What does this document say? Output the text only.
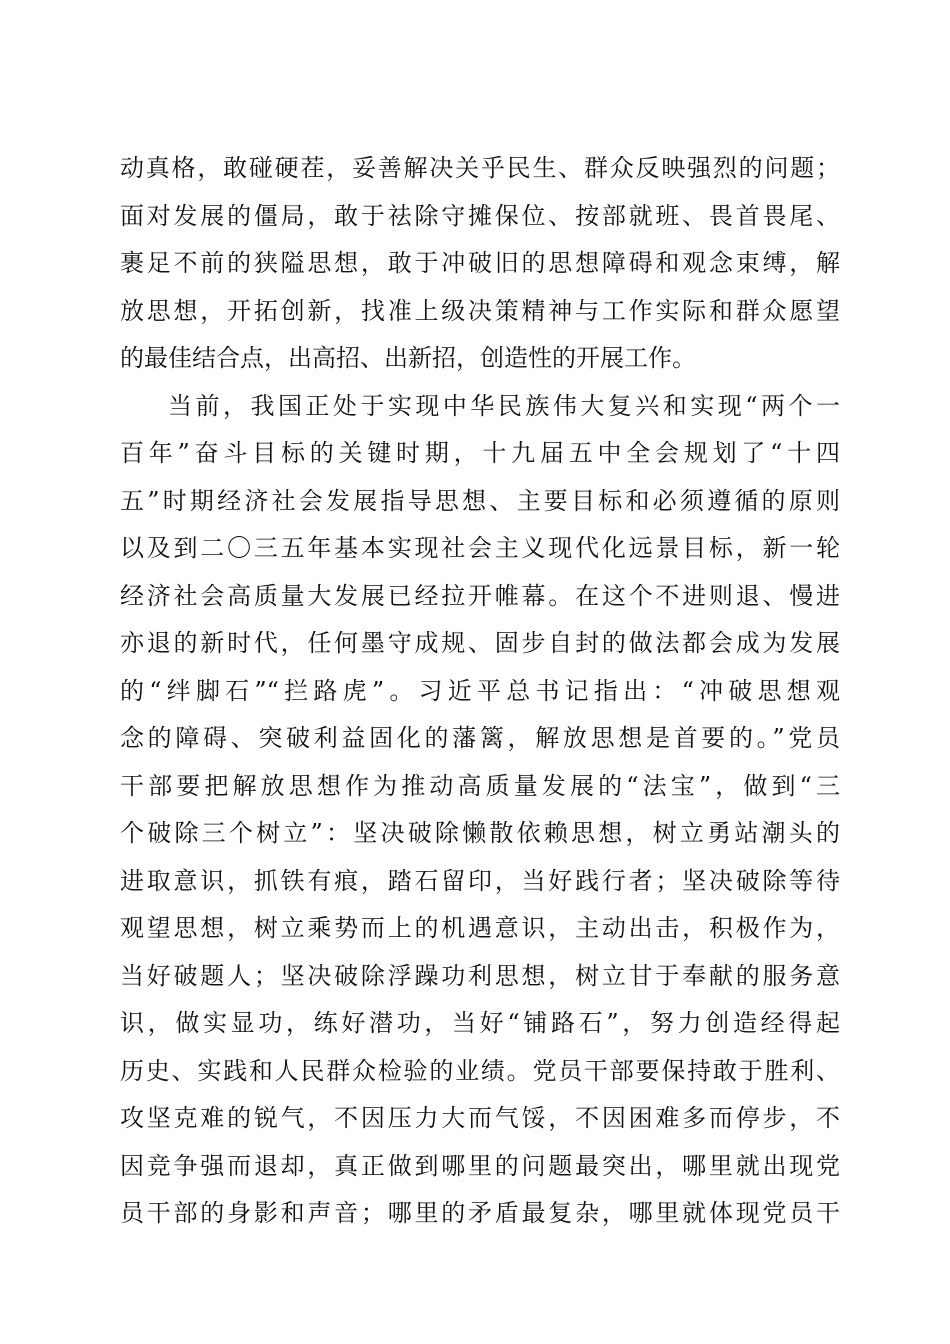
动真格，敢碰硬茬，妥善解决关乎民生、群众反映强烈的问题；
面对发展的僵局，敢于祛除守摊保位、按部就班、畏首畏尾、
裹足不前的狭隘思想，敢于冲破旧的思想障碍和观念束缚，解
放思想，开拓创新，找准上级决策精神与工作实际和群众愿望
的最佳结合点，出高招、出新招，创造性的开展工作。
当前，我国正处于实现中华民族伟大复兴和实现“两个一
百年”奋斗目标的关键时期，十九届五中全会规划了“十四
五”时期经济社会发展指导思想、主要目标和必须遵循的原则
以及到二〇三五年基本实现社会主义现代化远景目标，新一轮
经济社会高质量大发展已经拉开帷幕。在这个不进则退、慢进
亦退的新时代，任何墨守成规、固步自封的做法都会成为发展
的“绊脚石”“拦路虎”。习近平总书记指出：“冲破思想观
念的障碍、突破利益固化的藩篱，解放思想是首要的。”党员
干部要把解放思想作为推动高质量发展的“法宝”，做到“三
个破除三个树立”：坚决破除懒散依赖思想，树立勇站潮头的
进取意识，抓铁有痕，踏石留印，当好践行者；坚决破除等待
观望思想，树立乘势而上的机遇意识，主动出击，积极作为，
当好破题人；坚决破除浮躁功利思想，树立甘于奉献的服务意
识，做实显功，练好潜功，当好“铺路石”，努力创造经得起
历史、实践和人民群众检验的业绩。党员干部要保持敢于胜利、
攻坚克难的锐气，不因压力大而气馁，不因困难多而停步，不
因竞争强而退却，真正做到哪里的问题最突出，哪里就出现党
员干部的身影和声音；哪里的矛盾最复杂，哪里就体现党员干
